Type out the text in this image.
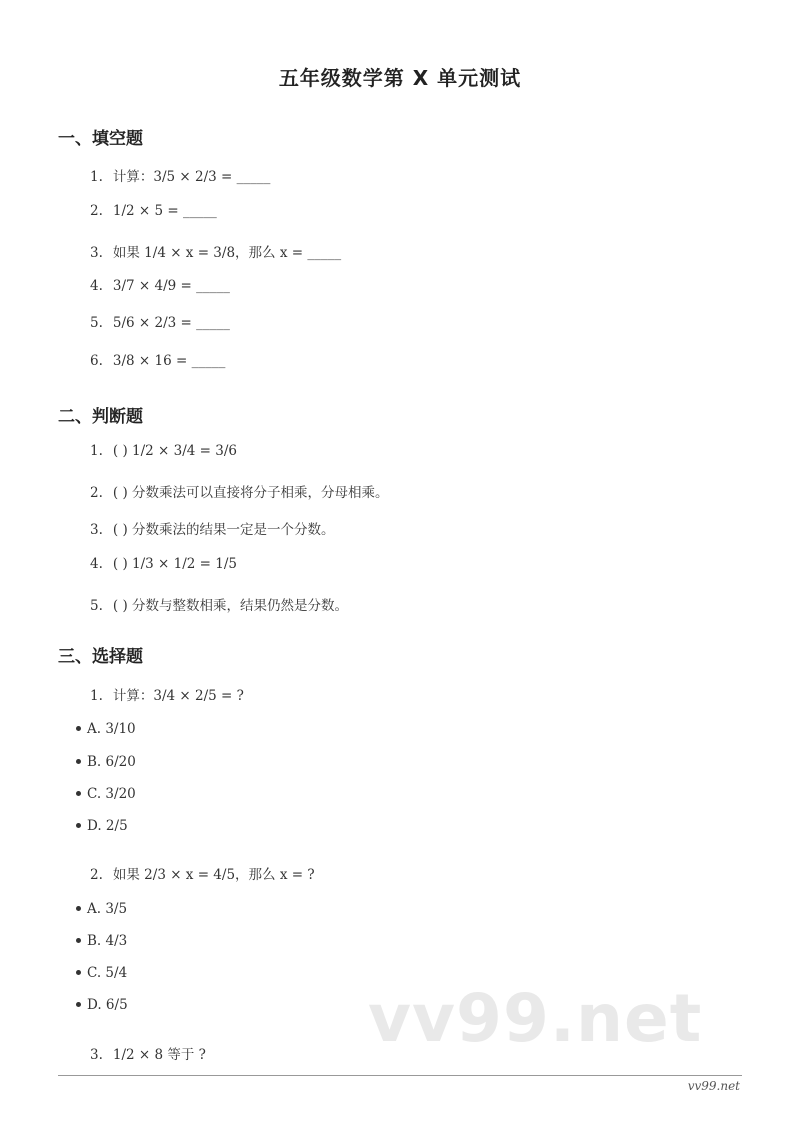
五年级数学第 X 单元测试
一、填空题
1. 计算：3/5 × 2/3 = _____
2. 1/2 × 5 = _____
3. 如果 1/4 × x = 3/8，那么 x = _____
4. 3/7 × 4/9 = _____
5. 5/6 × 2/3 = _____
6. 3/8 × 16 = _____
二、判断题
1. ( ) 1/2 × 3/4 = 3/6
2. ( ) 分数乘法可以直接将分子相乘，分母相乘。
3. ( ) 分数乘法的结果一定是一个分数。
4. ( ) 1/3 × 1/2 = 1/5
5. ( ) 分数与整数相乘，结果仍然是分数。
三、选择题
1. 计算：3/4 × 2/5 = ?
A. 3/10
B. 6/20
C. 3/20
D. 2/5
2. 如果 2/3 × x = 4/5，那么 x = ?
A. 3/5
B. 4/3
C. 5/4
D. 6/5	vv99.net
3. 1/2 × 8 等于 ?
vv99.net
